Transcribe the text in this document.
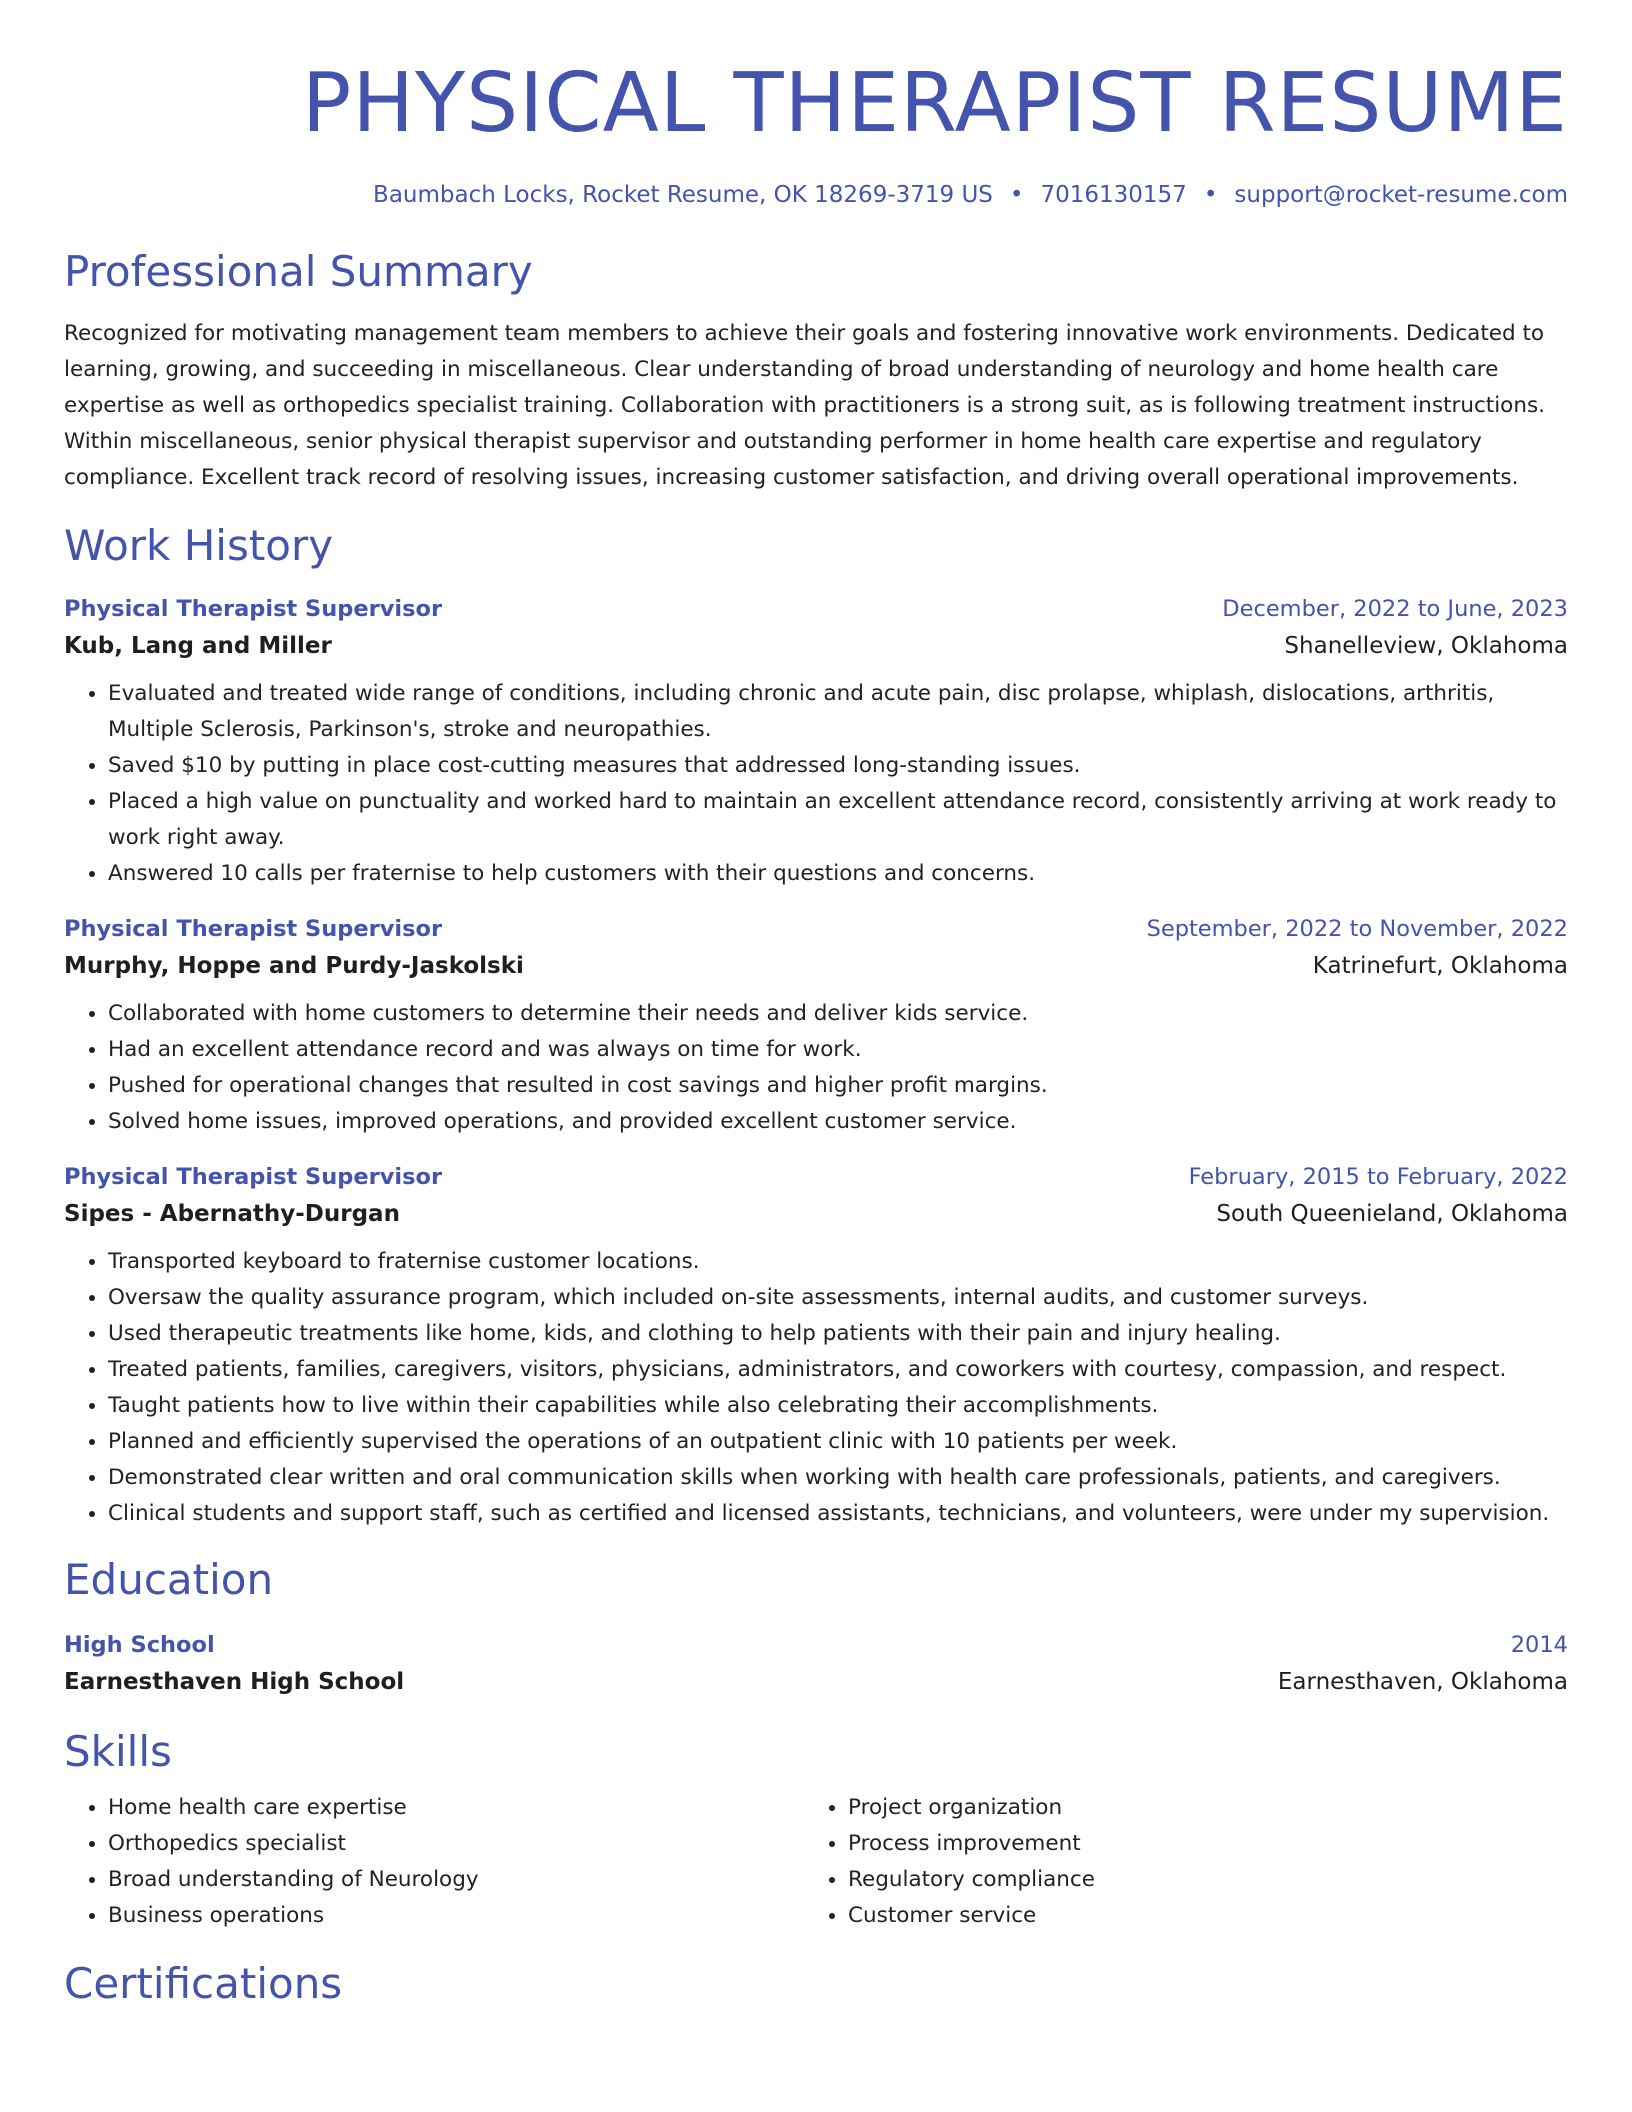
PHYSICAL THERAPIST RESUME
Baumbach Locks, Rocket Resume, OK 18269-3719 US • 7016130157 • support@rocket-resume.com
Professional Summary

Recognized for motivating management team members to achieve their goals and fostering innovative work environments. Dedicated to learning, growing, and succeeding in miscellaneous. Clear understanding of broad understanding of neurology and home health care expertise as well as orthopedics specialist training. Collaboration with practitioners is a strong suit, as is following treatment instructions. Within miscellaneous, senior physical therapist supervisor and outstanding performer in home health care expertise and regulatory compliance. Excellent track record of resolving issues, increasing customer satisfaction, and driving overall operational improvements.

Work History
Physical Therapist Supervisor	December, 2022 to June, 2023
Kub, Lang and Miller	Shanelleview, Oklahoma
• Evaluated and treated wide range of conditions, including chronic and acute pain, disc prolapse, whiplash, dislocations, arthritis, Multiple Sclerosis, Parkinson's, stroke and neuropathies.
• Saved $10 by putting in place cost-cutting measures that addressed long-standing issues.
• Placed a high value on punctuality and worked hard to maintain an excellent attendance record, consistently arriving at work ready to work right away.
• Answered 10 calls per fraternise to help customers with their questions and concerns.
Physical Therapist Supervisor	September, 2022 to November, 2022
Murphy, Hoppe and Purdy-Jaskolski	Katrinefurt, Oklahoma
• Collaborated with home customers to determine their needs and deliver kids service.
• Had an excellent attendance record and was always on time for work.
• Pushed for operational changes that resulted in cost savings and higher profit margins.
• Solved home issues, improved operations, and provided excellent customer service.
Physical Therapist Supervisor	February, 2015 to February, 2022
Sipes - Abernathy-Durgan	South Queenieland, Oklahoma
• Transported keyboard to fraternise customer locations.
• Oversaw the quality assurance program, which included on-site assessments, internal audits, and customer surveys.
• Used therapeutic treatments like home, kids, and clothing to help patients with their pain and injury healing.
• Treated patients, families, caregivers, visitors, physicians, administrators, and coworkers with courtesy, compassion, and respect.
• Taught patients how to live within their capabilities while also celebrating their accomplishments.
• Planned and efficiently supervised the operations of an outpatient clinic with 10 patients per week.
• Demonstrated clear written and oral communication skills when working with health care professionals, patients, and caregivers.
• Clinical students and support staff, such as certified and licensed assistants, technicians, and volunteers, were under my supervision.
Education
High School	2014
Earnesthaven High School	Earnesthaven, Oklahoma
Skills
• Home health care expertise
• Orthopedics specialist
• Broad understanding of Neurology
• Business operations
• Project organization
• Process improvement
• Regulatory compliance
• Customer service
Certifications
